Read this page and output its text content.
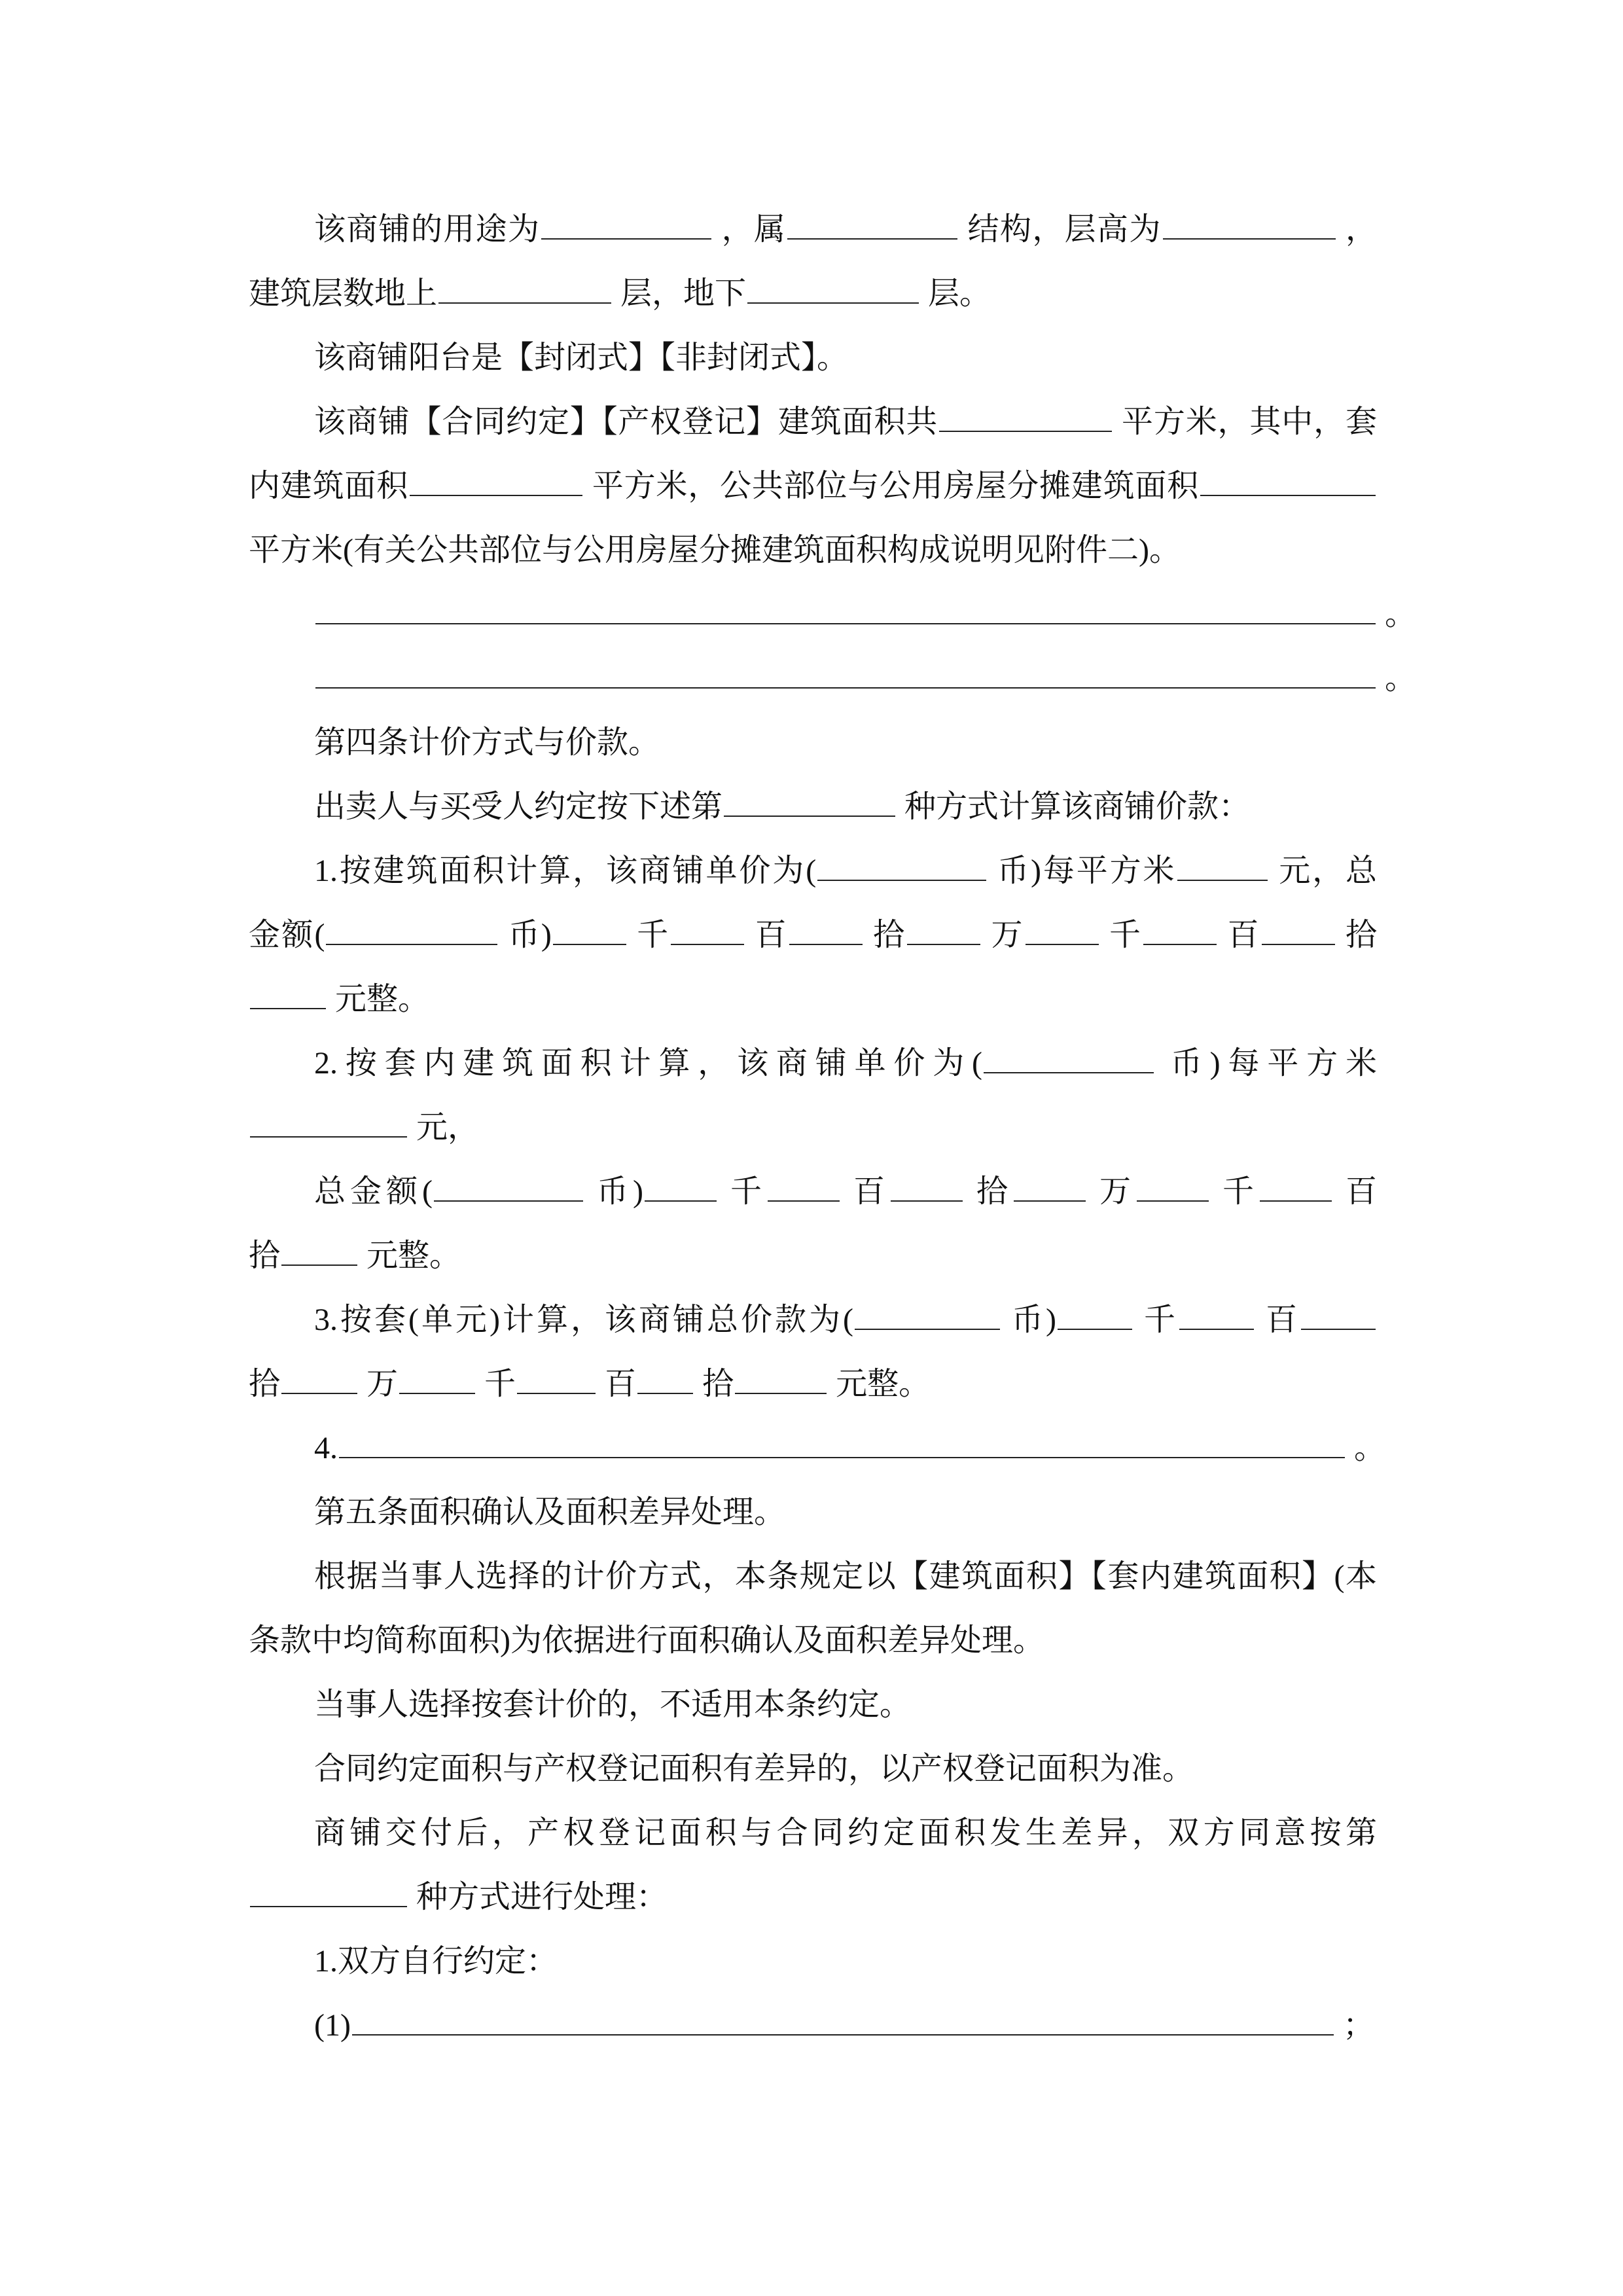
该商铺的用途为	，属	结构，层高为	，
建筑层数地上	层，地下	层。
该商铺阳台是【封闭式】【非封闭式】。
该商铺【合同约定】【产权登记】建筑面积共	平方米，其中，套
内建筑面积	平方米，公共部位与公用房屋分摊建筑面积
平方米(有关公共部位与公用房屋分摊建筑面积构成说明见附件二)。
。
。
第四条计价方式与价款。
出卖人与买受人约定按下述第	种方式计算该商铺价款：
1.按建筑面积计算，该商铺单价为(	币)每平方米	元，总
金额(	币)	千	百	拾	万	千	百	拾
元整。
2.按套内建筑面积计算，该商铺单价为(	币)每平方米
元，
总金额(	币)	千	百	拾	万	千	百
拾	元整。
3.按套(单元)计算，该商铺总价款为(	币)	千	百
拾	万	千	百 拾	元整。
4.	。
第五条面积确认及面积差异处理。
根据当事人选择的计价方式，本条规定以【建筑面积】【套内建筑面积】(本
条款中均简称面积)为依据进行面积确认及面积差异处理。
当事人选择按套计价的，不适用本条约定。
合同约定面积与产权登记面积有差异的，以产权登记面积为准。
商铺交付后，产权登记面积与合同约定面积发生差异，双方同意按第
种方式进行处理：
1.双方自行约定：
(1)	；
